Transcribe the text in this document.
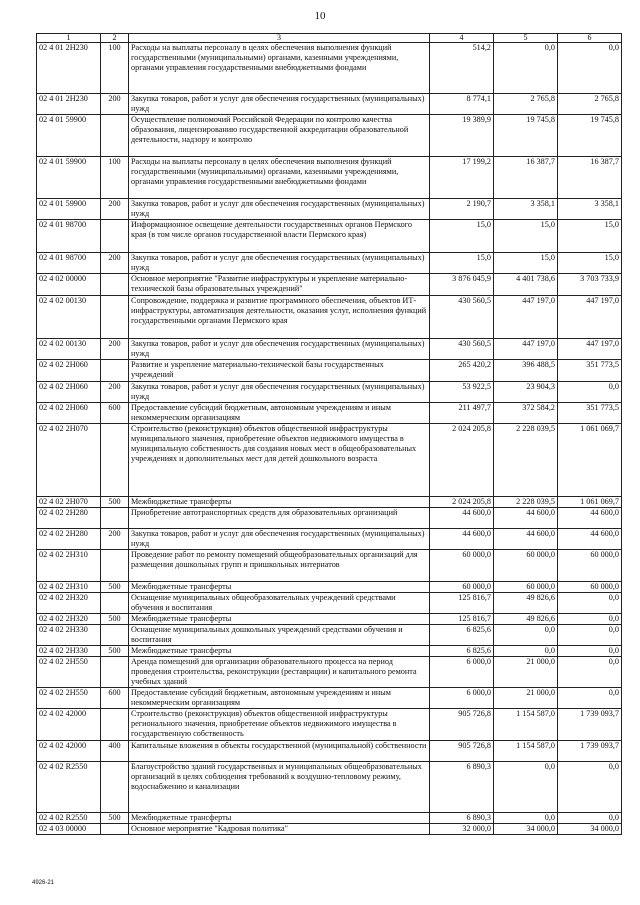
10
1	2	3	4	5	6
02 4 01 2Н230	100	Расходы на выплаты персоналу в целях обеспечения выполнения функций государственными (муниципальными) органами, казенными учреждениями, органами управления государственными внебюджетными фондами	514,2	0,0	0,0
02 4 01 2Н230	200	Закупка товаров, работ и услуг для обеспечения государственных (муниципальных) нужд	8 774,1	2 765,8	2 765,8
02 4 01 59900		Осуществление полномочий Российской Федерации по контролю качества образования, лицензированию государственной аккредитации образовательной деятельности, надзору и контролю	19 389,9	19 745,8	19 745,8
02 4 01 59900	100	Расходы на выплаты персоналу в целях обеспечения выполнения функций государственными (муниципальными) органами, казенными учреждениями, органами управления государственными внебюджетными фондами	17 199,2	16 387,7	16 387,7
02 4 01 59900	200	Закупка товаров, работ и услуг для обеспечения государственных (муниципальных) нужд	2 190,7	3 358,1	3 358,1
02 4 01 98700		Информационное освещение деятельности государственных органов Пермского края (в том числе органов государственной власти Пермского края)	15,0	15,0	15,0
02 4 01 98700	200	Закупка товаров, работ и услуг для обеспечения государственных (муниципальных) нужд	15,0	15,0	15,0
02 4 02 00000		Основное мероприятие "Развитие инфраструктуры и укрепление материально-технической базы образовательных учреждений"	3 876 045,9	4 401 738,6	3 703 733,9
02 4 02 00130		Сопровождение, поддержка и развитие программного обеспечения, объектов ИТ-инфраструктуры, автоматизация деятельности, оказания услуг, исполнения функций государственными органами Пермского края	430 560,5	447 197,0	447 197,0
02 4 02 00130	200	Закупка товаров, работ и услуг для обеспечения государственных (муниципальных) нужд	430 560,5	447 197,0	447 197,0
02 4 02 2Н060		Развитие и укрепление материально-технической базы государственных учреждений	265 420,2	396 488,5	351 773,5
02 4 02 2Н060	200	Закупка товаров, работ и услуг для обеспечения государственных (муниципальных) нужд	53 922,5	23 904,3	0,0
02 4 02 2Н060	600	Предоставление субсидий бюджетным, автономным учреждениям и иным некоммерческим организациям	211 497,7	372 584,2	351 773,5
02 4 02 2Н070		Строительство (реконструкция) объектов общественной инфраструктуры муниципального значения, приобретение объектов недвижимого имущества в муниципальную собственность для создания новых мест в общеобразовательных учреждениях и дополнительных мест для детей дошкольного возраста	2 024 205,8	2 228 039,5	1 061 069,7
02 4 02 2Н070	500	Межбюджетные трансферты	2 024 205,8	2 228 039,5	1 061 069,7
02 4 02 2Н280		Приобретение автотранспортных средств для образовательных организаций	44 600,0	44 600,0	44 600,0
02 4 02 2Н280	200	Закупка товаров, работ и услуг для обеспечения государственных (муниципальных) нужд	44 600,0	44 600,0	44 600,0
02 4 02 2Н310		Проведение работ по ремонту помещений общеобразовательных организаций для размещения дошкольных групп и пришкольных интернатов	60 000,0	60 000,0	60 000,0
02 4 02 2Н310	500	Межбюджетные трансферты	60 000,0	60 000,0	60 000,0
02 4 02 2Н320		Оснащение муниципальных общеобразовательных учреждений средствами обучения и воспитания	125 816,7	49 826,6	0,0
02 4 02 2Н320	500	Межбюджетные трансферты	125 816,7	49 826,6	0,0
02 4 02 2Н330		Оснащение муниципальных дошкольных учреждений средствами обучения и воспитания	6 825,6	0,0	0,0
02 4 02 2Н330	500	Межбюджетные трансферты	6 825,6	0,0	0,0
02 4 02 2Н550		Аренда помещений для организации образовательного процесса на период проведения строительства, реконструкции (реставрации) и капитального ремонта учебных зданий	6 000,0	21 000,0	0,0
02 4 02 2Н550	600	Предоставление субсидий бюджетным, автономным учреждениям и иным некоммерческим организациям	6 000,0	21 000,0	0,0
02 4 02 42000		Строительство (реконструкция) объектов общественной инфраструктуры регионального значения, приобретение объектов недвижимого имущества в государственную собственность	905 726,8	1 154 587,0	1 739 093,7
02 4 02 42000	400	Капитальные вложения в объекты государственной (муниципальной) собственности	905 726,8	1 154 587,0	1 739 093,7
02 4 02 R2550		Благоустройство зданий государственных и муниципальных общеобразовательных организаций в целях соблюдения требований к воздушно-тепловому режиму, водоснабжению и канализации	6 890,3	0,0	0,0
02 4 02 R2550	500	Межбюджетные трансферты	6 890,3	0,0	0,0
02 4 03 00000		Основное мероприятие "Кадровая политика"	32 000,0	34 000,0	34 000,0
4926-21
